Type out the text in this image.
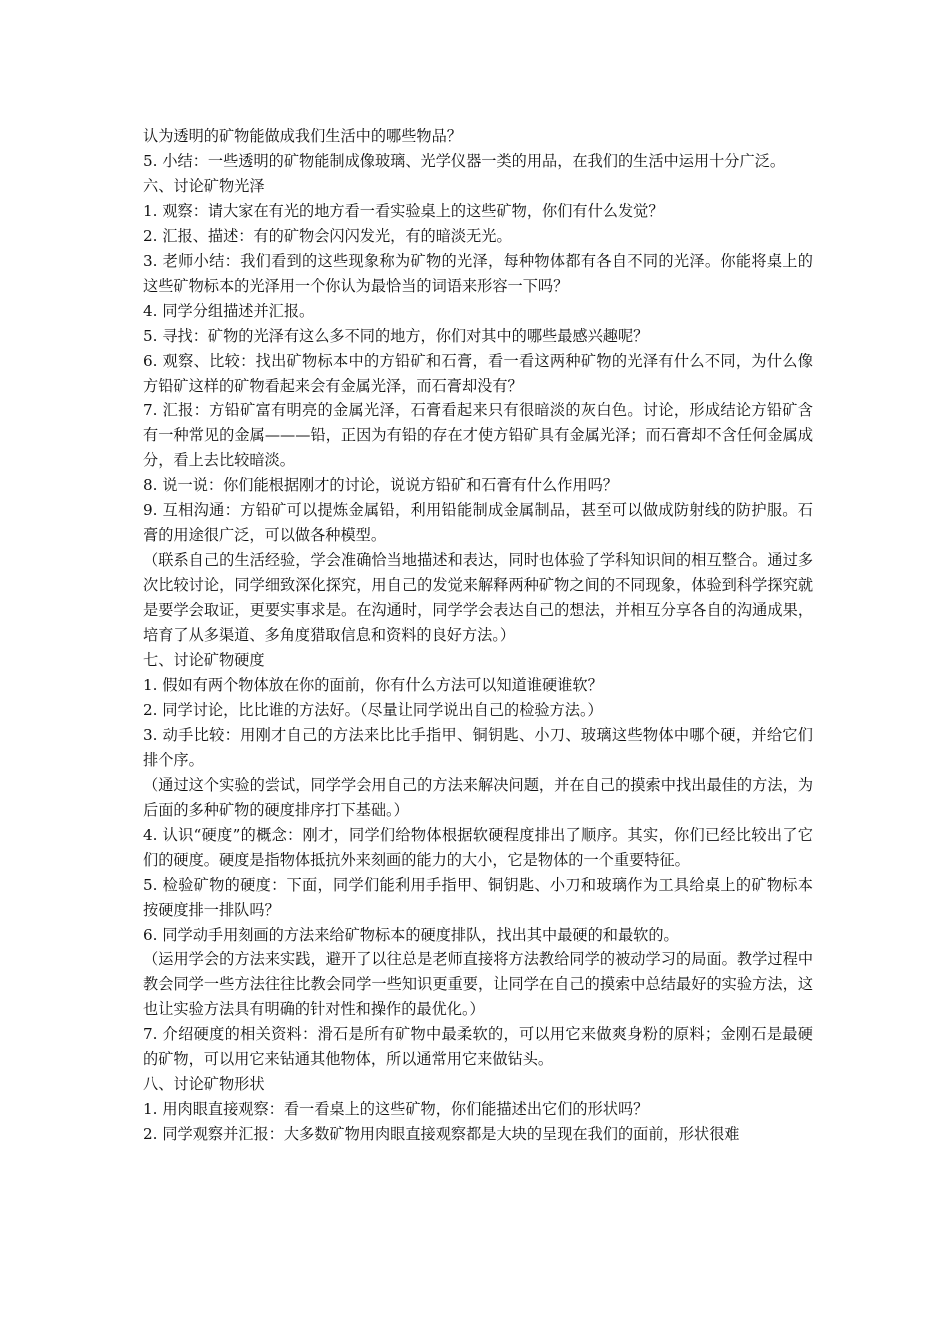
认为透明的矿物能做成我们生活中的哪些物品？

5. 小结：一些透明的矿物能制成像玻璃、光学仪器一类的用品，在我们的生活中运用十分广泛。

六、讨论矿物光泽

1. 观察：请大家在有光的地方看一看实验桌上的这些矿物，你们有什么发觉？

2. 汇报、描述：有的矿物会闪闪发光，有的暗淡无光。

3. 老师小结：我们看到的这些现象称为矿物的光泽，每种物体都有各自不同的光泽。你能将桌上的这些矿物标本的光泽用一个你认为最恰当的词语来形容一下吗？

4. 同学分组描述并汇报。

5. 寻找：矿物的光泽有这么多不同的地方，你们对其中的哪些最感兴趣呢？

6. 观察、比较：找出矿物标本中的方铅矿和石膏，看一看这两种矿物的光泽有什么不同，为什么像方铅矿这样的矿物看起来会有金属光泽，而石膏却没有？

7. 汇报：方铅矿富有明亮的金属光泽，石膏看起来只有很暗淡的灰白色。讨论，形成结论方铅矿含有一种常见的金属———铅，正因为有铅的存在才使方铅矿具有金属光泽；而石膏却不含任何金属成分，看上去比较暗淡。

8. 说一说：你们能根据刚才的讨论，说说方铅矿和石膏有什么作用吗？

9. 互相沟通：方铅矿可以提炼金属铅，利用铅能制成金属制品，甚至可以做成防射线的防护服。石膏的用途很广泛，可以做各种模型。

（联系自己的生活经验，学会准确恰当地描述和表达，同时也体验了学科知识间的相互整合。通过多次比较讨论，同学细致深化探究，用自己的发觉来解释两种矿物之间的不同现象，体验到科学探究就是要学会取证，更要实事求是。在沟通时，同学学会表达自己的想法，并相互分享各自的沟通成果，培育了从多渠道、多角度猎取信息和资料的良好方法。）

七、讨论矿物硬度

1. 假如有两个物体放在你的面前，你有什么方法可以知道谁硬谁软？

2. 同学讨论，比比谁的方法好。（尽量让同学说出自己的检验方法。）

3. 动手比较：用刚才自己的方法来比比手指甲、铜钥匙、小刀、玻璃这些物体中哪个硬，并给它们排个序。

（通过这个实验的尝试，同学学会用自己的方法来解决问题，并在自己的摸索中找出最佳的方法，为后面的多种矿物的硬度排序打下基础。）

4. 认识“硬度”的概念：刚才，同学们给物体根据软硬程度排出了顺序。其实，你们已经比较出了它们的硬度。硬度是指物体抵抗外来刻画的能力的大小，它是物体的一个重要特征。

5. 检验矿物的硬度：下面，同学们能利用手指甲、铜钥匙、小刀和玻璃作为工具给桌上的矿物标本按硬度排一排队吗？

6. 同学动手用刻画的方法来给矿物标本的硬度排队，找出其中最硬的和最软的。

（运用学会的方法来实践，避开了以往总是老师直接将方法教给同学的被动学习的局面。教学过程中教会同学一些方法往往比教会同学一些知识更重要，让同学在自己的摸索中总结最好的实验方法，这也让实验方法具有明确的针对性和操作的最优化。）

7. 介绍硬度的相关资料：滑石是所有矿物中最柔软的，可以用它来做爽身粉的原料；金刚石是最硬的矿物，可以用它来钻通其他物体，所以通常用它来做钻头。

八、讨论矿物形状

1. 用肉眼直接观察：看一看桌上的这些矿物，你们能描述出它们的形状吗？

2. 同学观察并汇报：大多数矿物用肉眼直接观察都是大块的呈现在我们的面前，形状很难
